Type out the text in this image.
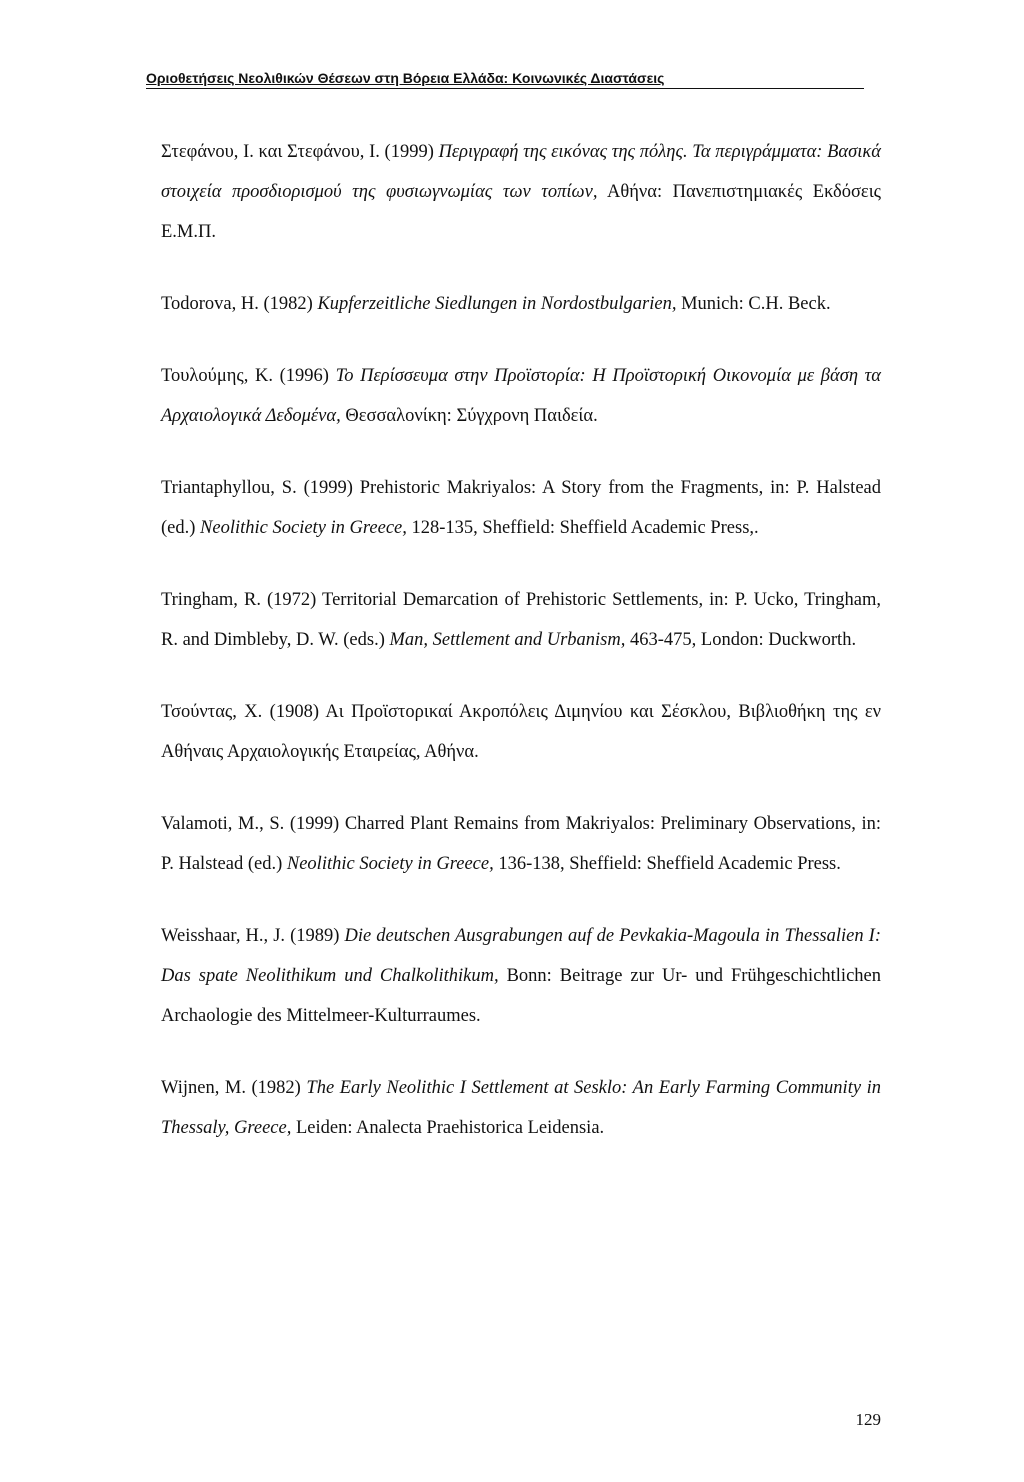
Οριοθετήσεις Νεολιθικών Θέσεων στη Βόρεια Ελλάδα: Κοινωνικές Διαστάσεις

Στεφάνου, Ι. και Στεφάνου, Ι. (1999) Περιγραφή της εικόνας της πόλης. Τα περιγράμματα: Βασικά στοιχεία προσδιορισμού της φυσιωγνωμίας των τοπίων, Αθήνα: Πανεπιστημιακές Εκδόσεις Ε.Μ.Π.

Todorova, H. (1982) Kupferzeitliche Siedlungen in Nordostbulgarien, Munich: C.H. Beck.

Τουλούμης, Κ. (1996) Το Περίσσευμα στην Προϊστορία: Η Προϊστορική Οικονομία με βάση τα Αρχαιολογικά Δεδομένα, Θεσσαλονίκη: Σύγχρονη Παιδεία.

Triantaphyllou, S. (1999) Prehistoric Makriyalos: A Story from the Fragments, in: P. Halstead (ed.) Neolithic Society in Greece, 128-135, Sheffield: Sheffield Academic Press,.

Tringham, R. (1972) Territorial Demarcation of Prehistoric Settlements, in: P. Ucko, Tringham, R. and Dimbleby, D. W. (eds.) Man, Settlement and Urbanism, 463-475, London: Duckworth.

Τσούντας, Χ. (1908) Αι Προϊστορικαί Ακροπόλεις Διμηνίου και Σέσκλου, Βιβλιοθήκη της εν Αθήναις Αρχαιολογικής Εταιρείας, Αθήνα.

Valamoti, M., S. (1999) Charred Plant Remains from Makriyalos: Preliminary Observations, in: P. Halstead (ed.) Neolithic Society in Greece, 136-138, Sheffield: Sheffield Academic Press.

Weisshaar, H., J. (1989) Die deutschen Ausgrabungen auf de Pevkakia-Magoula in Thessalien I: Das spate Neolithikum und Chalkolithikum, Bonn: Beitrage zur Ur- und Frühgeschichtlichen Archaologie des Mittelmeer-Kulturraumes.

Wijnen, M. (1982) The Early Neolithic I Settlement at Sesklo: An Early Farming Community in Thessaly, Greece, Leiden: Analecta Praehistorica Leidensia.

129
